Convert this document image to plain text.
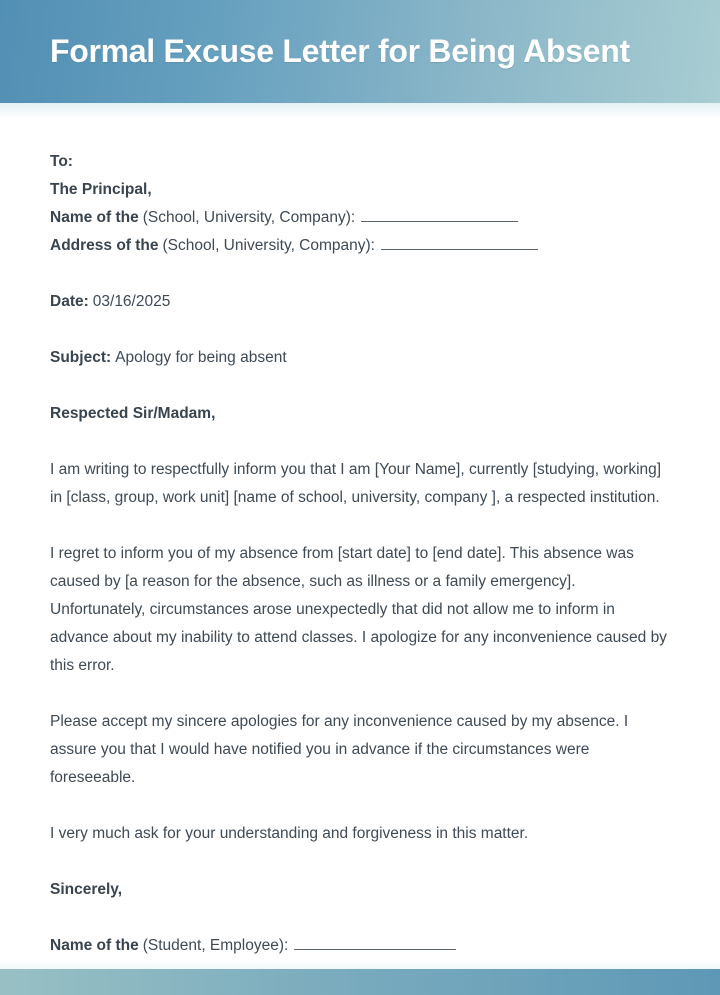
Formal Excuse Letter for Being Absent
To:
The Principal,
Name of the (School, University, Company):
Address of the (School, University, Company):
Date: 03/16/2025
Subject: Apology for being absent
Respected Sir/Madam,
I am writing to respectfully inform you that I am [Your Name], currently [studying, working] in [class, group, work unit] [name of school, university, company ], a respected institution.
I regret to inform you of my absence from [start date] to [end date]. This absence was caused by [a reason for the absence, such as illness or a family emergency]. Unfortunately, circumstances arose unexpectedly that did not allow me to inform in advance about my inability to attend classes. I apologize for any inconvenience caused by this error.
Please accept my sincere apologies for any inconvenience caused by my absence. I assure you that I would have notified you in advance if the circumstances were foreseeable.
I very much ask for your understanding and forgiveness in this matter.
Sincerely,
Name of the (Student, Employee):
